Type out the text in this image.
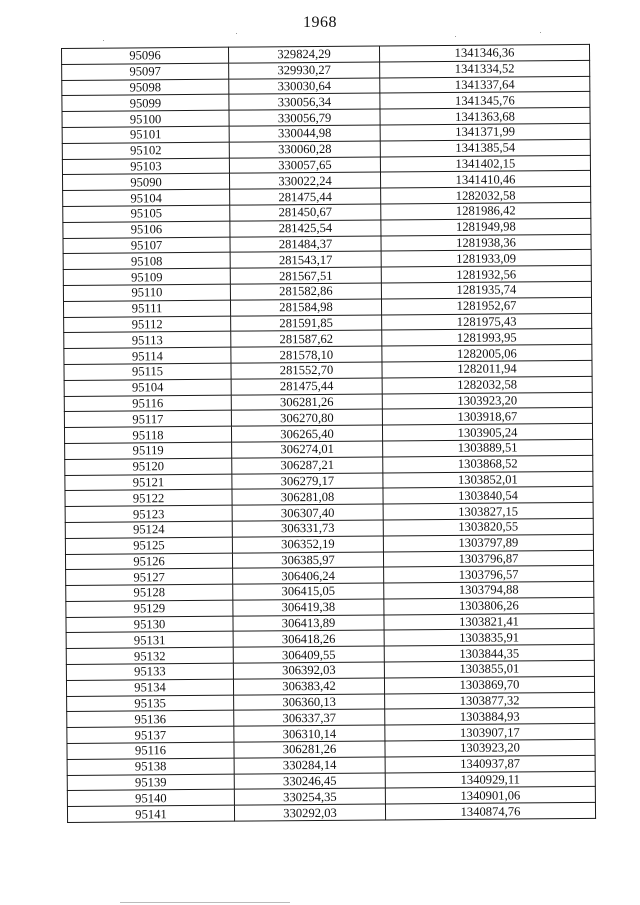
1968
95096	329824,29	1341346,36
95097	329930,27	1341334,52
95098	330030,64	1341337,64
95099	330056,34	1341345,76
95100	330056,79	1341363,68
95101	330044,98	1341371,99
95102	330060,28	1341385,54
95103	330057,65	1341402,15
95090	330022,24	1341410,46
95104	281475,44	1282032,58
95105	281450,67	1281986,42
95106	281425,54	1281949,98
95107	281484,37	1281938,36
95108	281543,17	1281933,09
95109	281567,51	1281932,56
95110	281582,86	1281935,74
95111	281584,98	1281952,67
95112	281591,85	1281975,43
95113	281587,62	1281993,95
95114	281578,10	1282005,06
95115	281552,70	1282011,94
95104	281475,44	1282032,58
95116	306281,26	1303923,20
95117	306270,80	1303918,67
95118	306265,40	1303905,24
95119	306274,01	1303889,51
95120	306287,21	1303868,52
95121	306279,17	1303852,01
95122	306281,08	1303840,54
95123	306307,40	1303827,15
95124	306331,73	1303820,55
95125	306352,19	1303797,89
95126	306385,97	1303796,87
95127	306406,24	1303796,57
95128	306415,05	1303794,88
95129	306419,38	1303806,26
95130	306413,89	1303821,41
95131	306418,26	1303835,91
95132	306409,55	1303844,35
95133	306392,03	1303855,01
95134	306383,42	1303869,70
95135	306360,13	1303877,32
95136	306337,37	1303884,93
95137	306310,14	1303907,17
95116	306281,26	1303923,20
95138	330284,14	1340937,87
95139	330246,45	1340929,11
95140	330254,35	1340901,06
95141	330292,03	1340874,76
